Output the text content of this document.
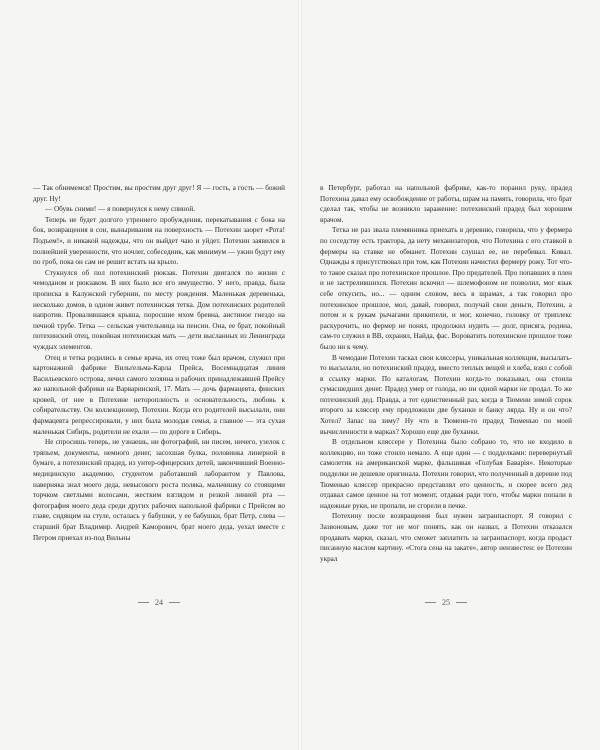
— Так обнимемся! Простим, вы простим друг друг! Я — гость, а гость — божий друг. Ну!

— Обувь сними! — я повернулся к нему спиной.

Теперь не будет долгого утреннего пробуждения, перекатывания с бока на бок, возвращения в сон, выныривания на поверхность — Потехин заорет «Рота! Подъем!», и никакой надежды, что он выйдет чаю и уйдет. Потехин заявился в полнейшей уверенности, что ночлег, собеседник, как минимум — ужин будут ему по гроб, пока он сам не решит встать на крыло.

Стукнулся об пол потехинский рюкзак. Потехин двигался по жизни с чемоданом и рюкзаком. В них было все его имущество. У него, правда, была прописка в Калужской губернии, по месту рождения. Маленькая деревенька, несколько домов, в одном живет потехинская тетка. Дом потехинских родителей напротив. Провалившаяся крыша, поросшие мхом бревна, аистиное гнездо на печной трубе. Тетка — сельская учительница на пенсии. Она, ее брат, покойный потехинский отец, покойная потехинская мать — дети высланных из Ленинграда чуждых элементов.

Отец и тетка родились в семье врача, их отец тоже был врачом, служил при картонажной фабрике Вильгельма-Карла Прейса, Восемнадцатая линия Васильевского острова, лечил самого хозяина и рабочих принадлежавшей Прейсу же напольной фабрики на Варваринской, 17. Мать — дочь фармацевта, финских кровей, от нее в Потехине нетороплиость и основательность, любовь к собирательству. Он коллекционер, Потехин. Когда его родителей высылали, они фармацевта репрессировали, у них была молодая семья, а главное — эта сухая маленькая Сибирь, родители не ехали — по дороге в Сибирь.

Не спросишь теперь, не узнаешь, ни фотографий, ни писем, ничего, узелок с тряпьем, документы, немного денег, засохшая булка, половинка линерной в бумаге, а потехинский прадед, из унтер-офицерских детей, закончивший Военно-медицинскую академию, студентом работавший лаборантом у Павлова, наверняка знал моего деда, невысокого роста поляка, мальчишку со стоящими торчком светлыми волосами, жестким взглядом и резкой линией рта — фотография моего деда среди других рабочих напольной фабрики с Прейсом во главе, сидящим на стуле, осталась у бабушки, у ее бабушки, брат Петр, слева — старший брат Владимир. Андрей Каморович, брат моего деда, уехал вместе с Петром приехал из-под Вильны

24

в Петербург, работал на напольной фабрике, как-то поранил руку, прадед Потехина давал ему освобождение от работы, шрам на память, говорила, что брат сделал так, чтобы не возникло заражение: потехинский прадед был хорошим врачом.

Тетка не раз звала племянника приехать в деревню, говорила, что у фермера по соседству есть трактора, да нету механизаторов, что Потехина с его ставкой в фермеры на ставке не обманет. Потехин слушал ее, не перебивал. Кивал. Однажды я присутствовал при том, как Потехин начистил фермеру рожу. Тот что-то такое сказал про потехинское прошлое. Про предателей. Про попавших в плен и не застрелившихся. Потехин вскочил — шлемофоном не позволил, мог язык себе откусить, но... — одним словом, весь в шрамах, а так говорил про потехинское прошлое, мол, давай, говорил, получай свои деньги, Потехин, а потом и к рукам рычагами прикипели, и мог, конечно, головку от триплекс раскурочить, но фермер не понял, продолжил нудить — долг, присяга, родина, сам-то служил в ВВ, охранял, Найда, фас. Вороватить потехинское прошлое тоже было ни к чему.

В чемодане Потехин таскал свои кляссеры, уникальная коллекция, высылать-то высылали, но потехинский прадед, вместо теплых вещей и хлеба, взял с собой в ссылку марки. По каталогам, Потехин когда-то показывал, она стоила сумасшедших денег. Прадед умер от голода, но ни одной марки не продал. То же потехинский дед. Правда, а тот единственный раз, когда в Тюмени зимой сорок второго за кляссер ему предложили две буханки и банку лярда. Ну и он что? Хотел? Запас на зиму? Ну что в Тюмени-то прадед Тюменью по моей вычисленности в марках? Хорошо еще две буханки.

В отдельном кляссере у Потехина было собрано то, что не входило в коллекцию, но тоже стоило немало. А еще один — с подделками: перевернутый самолетик на американской марке, фальшивая «Голубая Баварія». Некоторые подделки не дешевле оригинала. Потехин говорил, что полученный в деревне под Тюменью кляссер прекрасно представлял его ценность, и скорее всего дед отдавал самое ценное на тот момент, отдавая ради того, чтобы марки попали в надежные руки, не пропали, не сгорели в печке.

Потехину после возвращения был нужен загранпаспорт. Я говорил с Зазвоновым, даже тот не мог понять, как он назвал, а Потехин отказался продавать марки, сказал, что сможет заплатить за загранпаспорт, когда продаст писанную маслом картину. «Стога сена на закате», автор неизвестен: ее Потехин украл

25
